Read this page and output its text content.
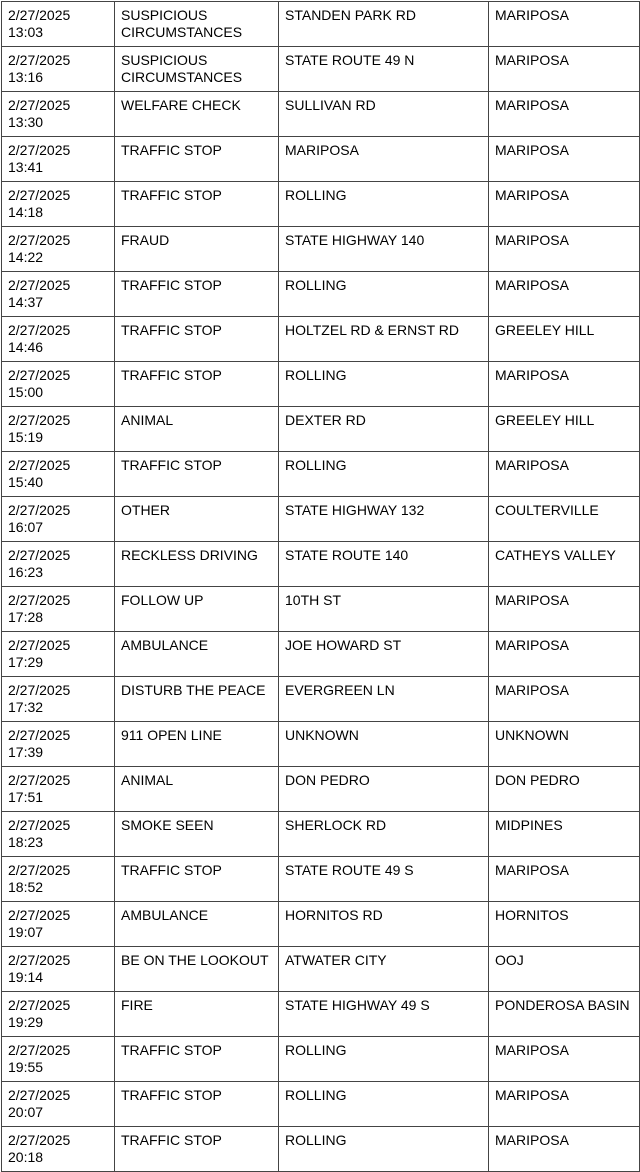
2/27/2025 13:03	SUSPICIOUS CIRCUMSTANCES	STANDEN PARK RD	MARIPOSA
2/27/2025 13:16	SUSPICIOUS CIRCUMSTANCES	STATE ROUTE 49 N	MARIPOSA
2/27/2025 13:30	WELFARE CHECK	SULLIVAN RD	MARIPOSA
2/27/2025 13:41	TRAFFIC STOP	MARIPOSA	MARIPOSA
2/27/2025 14:18	TRAFFIC STOP	ROLLING	MARIPOSA
2/27/2025 14:22	FRAUD	STATE HIGHWAY 140	MARIPOSA
2/27/2025 14:37	TRAFFIC STOP	ROLLING	MARIPOSA
2/27/2025 14:46	TRAFFIC STOP	HOLTZEL RD & ERNST RD	GREELEY HILL
2/27/2025 15:00	TRAFFIC STOP	ROLLING	MARIPOSA
2/27/2025 15:19	ANIMAL	DEXTER RD	GREELEY HILL
2/27/2025 15:40	TRAFFIC STOP	ROLLING	MARIPOSA
2/27/2025 16:07	OTHER	STATE HIGHWAY 132	COULTERVILLE
2/27/2025 16:23	RECKLESS DRIVING	STATE ROUTE 140	CATHEYS VALLEY
2/27/2025 17:28	FOLLOW UP	10TH ST	MARIPOSA
2/27/2025 17:29	AMBULANCE	JOE HOWARD ST	MARIPOSA
2/27/2025 17:32	DISTURB THE PEACE	EVERGREEN LN	MARIPOSA
2/27/2025 17:39	911 OPEN LINE	UNKNOWN	UNKNOWN
2/27/2025 17:51	ANIMAL	DON PEDRO	DON PEDRO
2/27/2025 18:23	SMOKE SEEN	SHERLOCK RD	MIDPINES
2/27/2025 18:52	TRAFFIC STOP	STATE ROUTE 49 S	MARIPOSA
2/27/2025 19:07	AMBULANCE	HORNITOS RD	HORNITOS
2/27/2025 19:14	BE ON THE LOOKOUT	ATWATER CITY	OOJ
2/27/2025 19:29	FIRE	STATE HIGHWAY 49 S	PONDEROSA BASIN
2/27/2025 19:55	TRAFFIC STOP	ROLLING	MARIPOSA
2/27/2025 20:07	TRAFFIC STOP	ROLLING	MARIPOSA
2/27/2025 20:18	TRAFFIC STOP	ROLLING	MARIPOSA
